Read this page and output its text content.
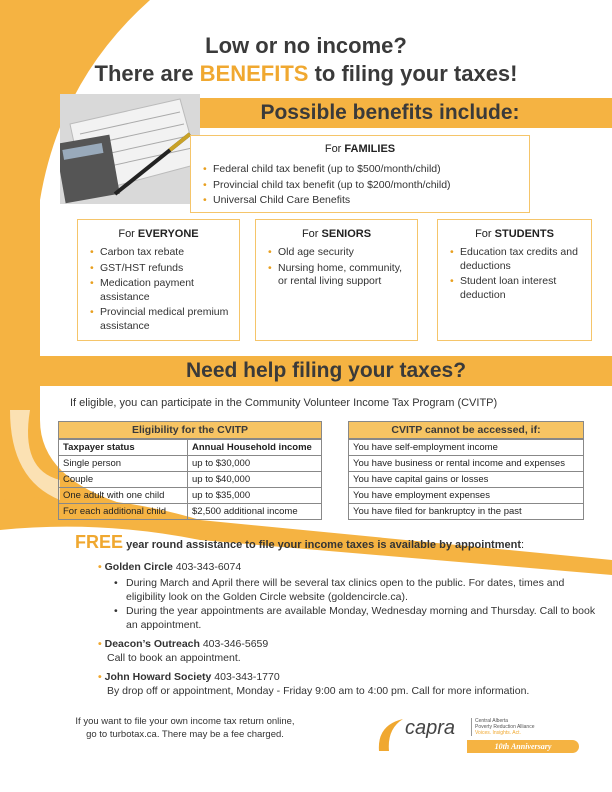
Low or no income?
There are BENEFITS to filing your taxes!
Possible benefits include:
For FAMILIES
• Federal child tax benefit (up to $500/month/child)
• Provincial child tax benefit (up to $200/month/child)
• Universal Child Care Benefits
For EVERYONE
• Carbon tax rebate
• GST/HST refunds
• Medication payment assistance
• Provincial medical premium assistance
For SENIORS
• Old age security
• Nursing home, community, or rental living support
For STUDENTS
• Education tax credits and deductions
• Student loan interest deduction
Need help filing your taxes?
If eligible, you can participate in the Community Volunteer Income Tax Program (CVITP)
Eligibility for the CVITP
Taxpayer status	Annual Household income
Single person	up to $30,000
Couple	up to $40,000
One adult with one child	up to $35,000
For each additional child	$2,500 additional income
CVITP cannot be accessed, if:
You have self-employment income
You have business or rental income and expenses
You have capital gains or losses
You have employment expenses
You have filed for bankruptcy in the past
FREE year round assistance to file your income taxes is available by appointment:
• Golden Circle 403-343-6074
• During March and April there will be several tax clinics open to the public. For dates, times and eligibility look on the Golden Circle website (goldencircle.ca).
• During the year appointments are available Monday, Wednesday morning and Thursday. Call to book an appointment.
• Deacon’s Outreach 403-346-5659
Call to book an appointment.
• John Howard Society 403-343-1770
By drop off or appointment, Monday - Friday 9:00 am to 4:00 pm. Call for more information.
If you want to file your own income tax return online,
go to turbotax.ca. There may be a fee charged.	capra	Central Alberta
Poverty Reduction Alliance
Voices. Insights. Act.
10th Anniversary
